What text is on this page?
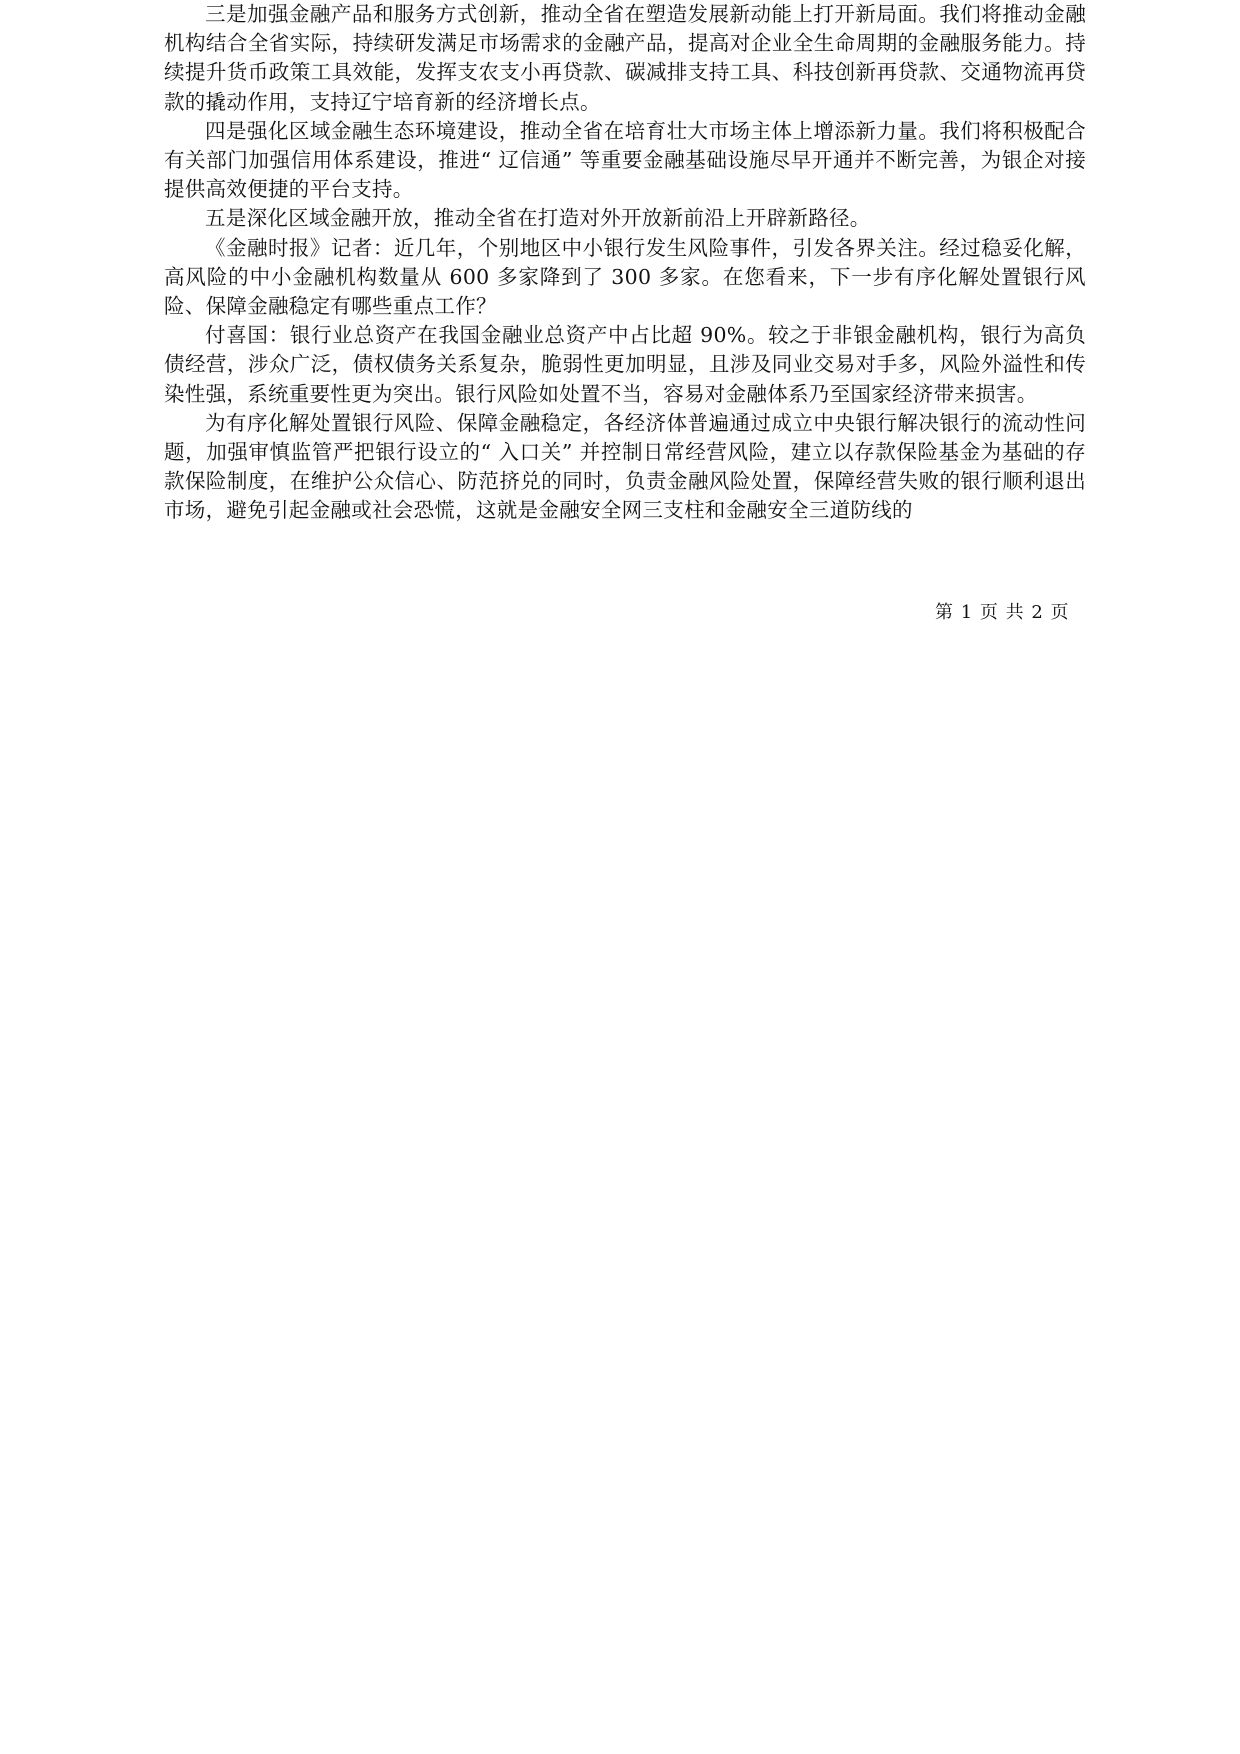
三是加强金融产品和服务方式创新，推动全省在塑造发展新动能上打开新局面。我们将推动金融机构结合全省实际，持续研发满足市场需求的金融产品，提高对企业全生命周期的金融服务能力。持续提升货币政策工具效能，发挥支农支小再贷款、碳减排支持工具、科技创新再贷款、交通物流再贷款的撬动作用，支持辽宁培育新的经济增长点。

四是强化区域金融生态环境建设，推动全省在培育壮大市场主体上增添新力量。我们将积极配合有关部门加强信用体系建设，推进“ 辽信通” 等重要金融基础设施尽早开通并不断完善，为银企对接提供高效便捷的平台支持。

五是深化区域金融开放，推动全省在打造对外开放新前沿上开辟新路径。

《金融时报》记者：近几年，个别地区中小银行发生风险事件，引发各界关注。经过稳妥化解，高风险的中小金融机构数量从 600 多家降到了 300 多家。在您看来，下一步有序化解处置银行风险、保障金融稳定有哪些重点工作？

付喜国：银行业总资产在我国金融业总资产中占比超 90%。较之于非银金融机构，银行为高负债经营，涉众广泛，债权债务关系复杂，脆弱性更加明显，且涉及同业交易对手多，风险外溢性和传染性强，系统重要性更为突出。银行风险如处置不当，容易对金融体系乃至国家经济带来损害。

为有序化解处置银行风险、保障金融稳定，各经济体普遍通过成立中央银行解决银行的流动性问题，加强审慎监管严把银行设立的“ 入口关” 并控制日常经营风险，建立以存款保险基金为基础的存款保险制度，在维护公众信心、防范挤兑的同时，负责金融风险处置，保障经营失败的银行顺利退出市场，避免引起金融或社会恐慌，这就是金融安全网三支柱和金融安全三道防线的

第 1 页 共 2 页
